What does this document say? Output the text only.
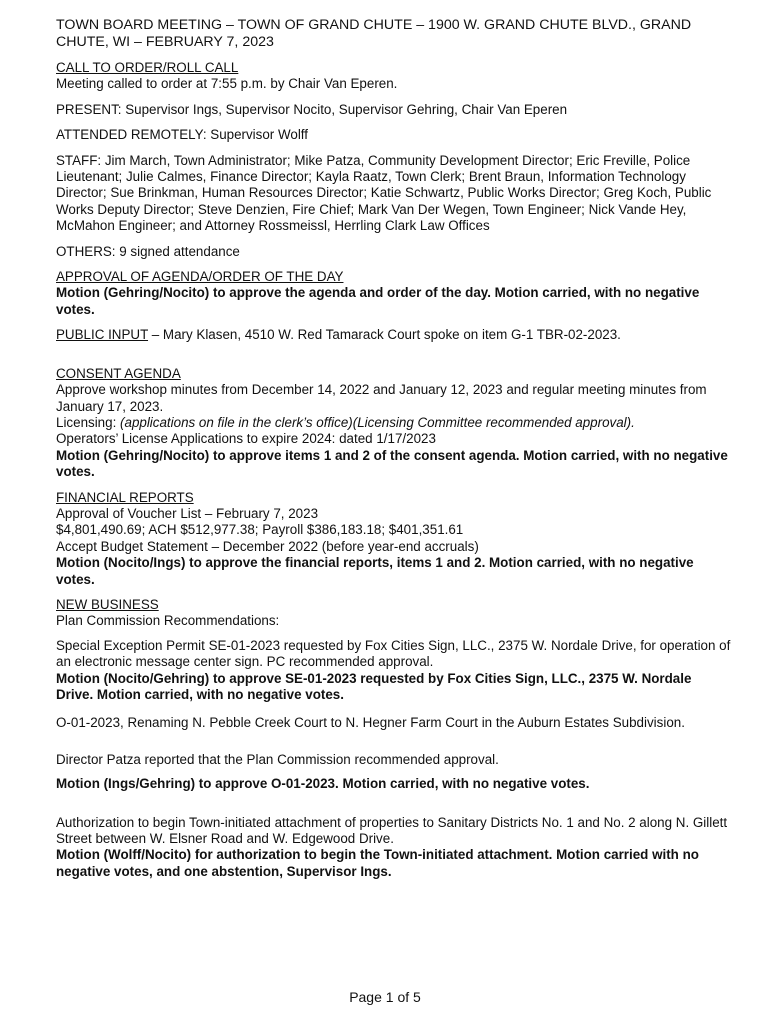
TOWN BOARD MEETING – TOWN OF GRAND CHUTE – 1900 W. GRAND CHUTE BLVD., GRAND CHUTE, WI – FEBRUARY 7, 2023

CALL TO ORDER/ROLL CALL

Meeting called to order at 7:55 p.m. by Chair Van Eperen.

PRESENT: Supervisor Ings, Supervisor Nocito, Supervisor Gehring, Chair Van Eperen

ATTENDED REMOTELY: Supervisor Wolff

STAFF: Jim March, Town Administrator; Mike Patza, Community Development Director; Eric Freville, Police Lieutenant; Julie Calmes, Finance Director; Kayla Raatz, Town Clerk; Brent Braun, Information Technology Director; Sue Brinkman, Human Resources Director; Katie Schwartz, Public Works Director; Greg Koch, Public Works Deputy Director; Steve Denzien, Fire Chief; Mark Van Der Wegen, Town Engineer; Nick Vande Hey, McMahon Engineer; and Attorney Rossmeissl, Herrling Clark Law Offices

OTHERS: 9 signed attendance

APPROVAL OF AGENDA/ORDER OF THE DAY

Motion (Gehring/Nocito) to approve the agenda and order of the day. Motion carried, with no negative votes.

PUBLIC INPUT – Mary Klasen, 4510 W. Red Tamarack Court spoke on item G-1 TBR-02-2023.

CONSENT AGENDA

Approve workshop minutes from December 14, 2022 and January 12, 2023 and regular meeting minutes from January 17, 2023.

Licensing: (applications on file in the clerk’s office)(Licensing Committee recommended approval).

Operators’ License Applications to expire 2024: dated 1/17/2023

Motion (Gehring/Nocito) to approve items 1 and 2 of the consent agenda. Motion carried, with no negative votes.

FINANCIAL REPORTS

Approval of Voucher List – February 7, 2023

$4,801,490.69; ACH $512,977.38; Payroll $386,183.18; $401,351.61

Accept Budget Statement – December 2022 (before year-end accruals)

Motion (Nocito/Ings) to approve the financial reports, items 1 and 2. Motion carried, with no negative votes.

NEW BUSINESS

Plan Commission Recommendations:

Special Exception Permit SE-01-2023 requested by Fox Cities Sign, LLC., 2375 W. Nordale Drive, for operation of an electronic message center sign. PC recommended approval.

Motion (Nocito/Gehring) to approve SE-01-2023 requested by Fox Cities Sign, LLC., 2375 W. Nordale Drive. Motion carried, with no negative votes.

O-01-2023, Renaming N. Pebble Creek Court to N. Hegner Farm Court in the Auburn Estates Subdivision.

Director Patza reported that the Plan Commission recommended approval.

Motion (Ings/Gehring) to approve O-01-2023. Motion carried, with no negative votes.

Authorization to begin Town-initiated attachment of properties to Sanitary Districts No. 1 and No. 2 along N. Gillett Street between W. Elsner Road and W. Edgewood Drive.

Motion (Wolff/Nocito) for authorization to begin the Town-initiated attachment. Motion carried with no negative votes, and one abstention, Supervisor Ings.

Page 1 of 5
